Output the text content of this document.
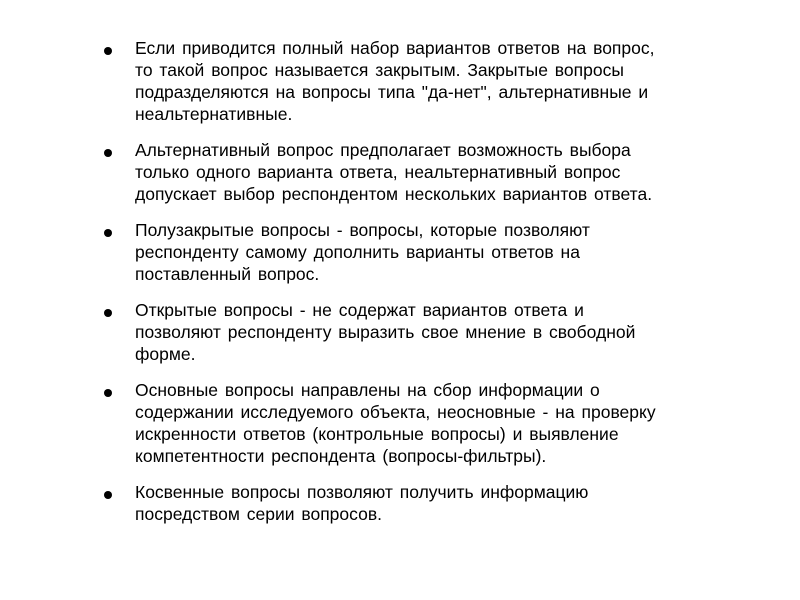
Если приводится полный набор вариантов ответов на вопрос,
то такой вопрос называется закрытым. Закрытые вопросы
подразделяются на вопросы типа "да-нет", альтернативные и
неальтернативные.
Альтернативный вопрос предполагает возможность выбора
только одного варианта ответа, неальтернативный вопрос
допускает выбор респондентом нескольких вариантов ответа.
Полузакрытые вопросы - вопросы, которые позволяют
респонденту самому дополнить варианты ответов на
поставленный вопрос.
Открытые вопросы - не содержат вариантов ответа и
позволяют респонденту выразить свое мнение в свободной
форме.
Основные вопросы направлены на сбор информации о
содержании исследуемого объекта, неосновные - на проверку
искренности ответов (контрольные вопросы) и выявление
компетентности респондента (вопросы-фильтры).
Косвенные вопросы позволяют получить информацию
посредством серии вопросов.
